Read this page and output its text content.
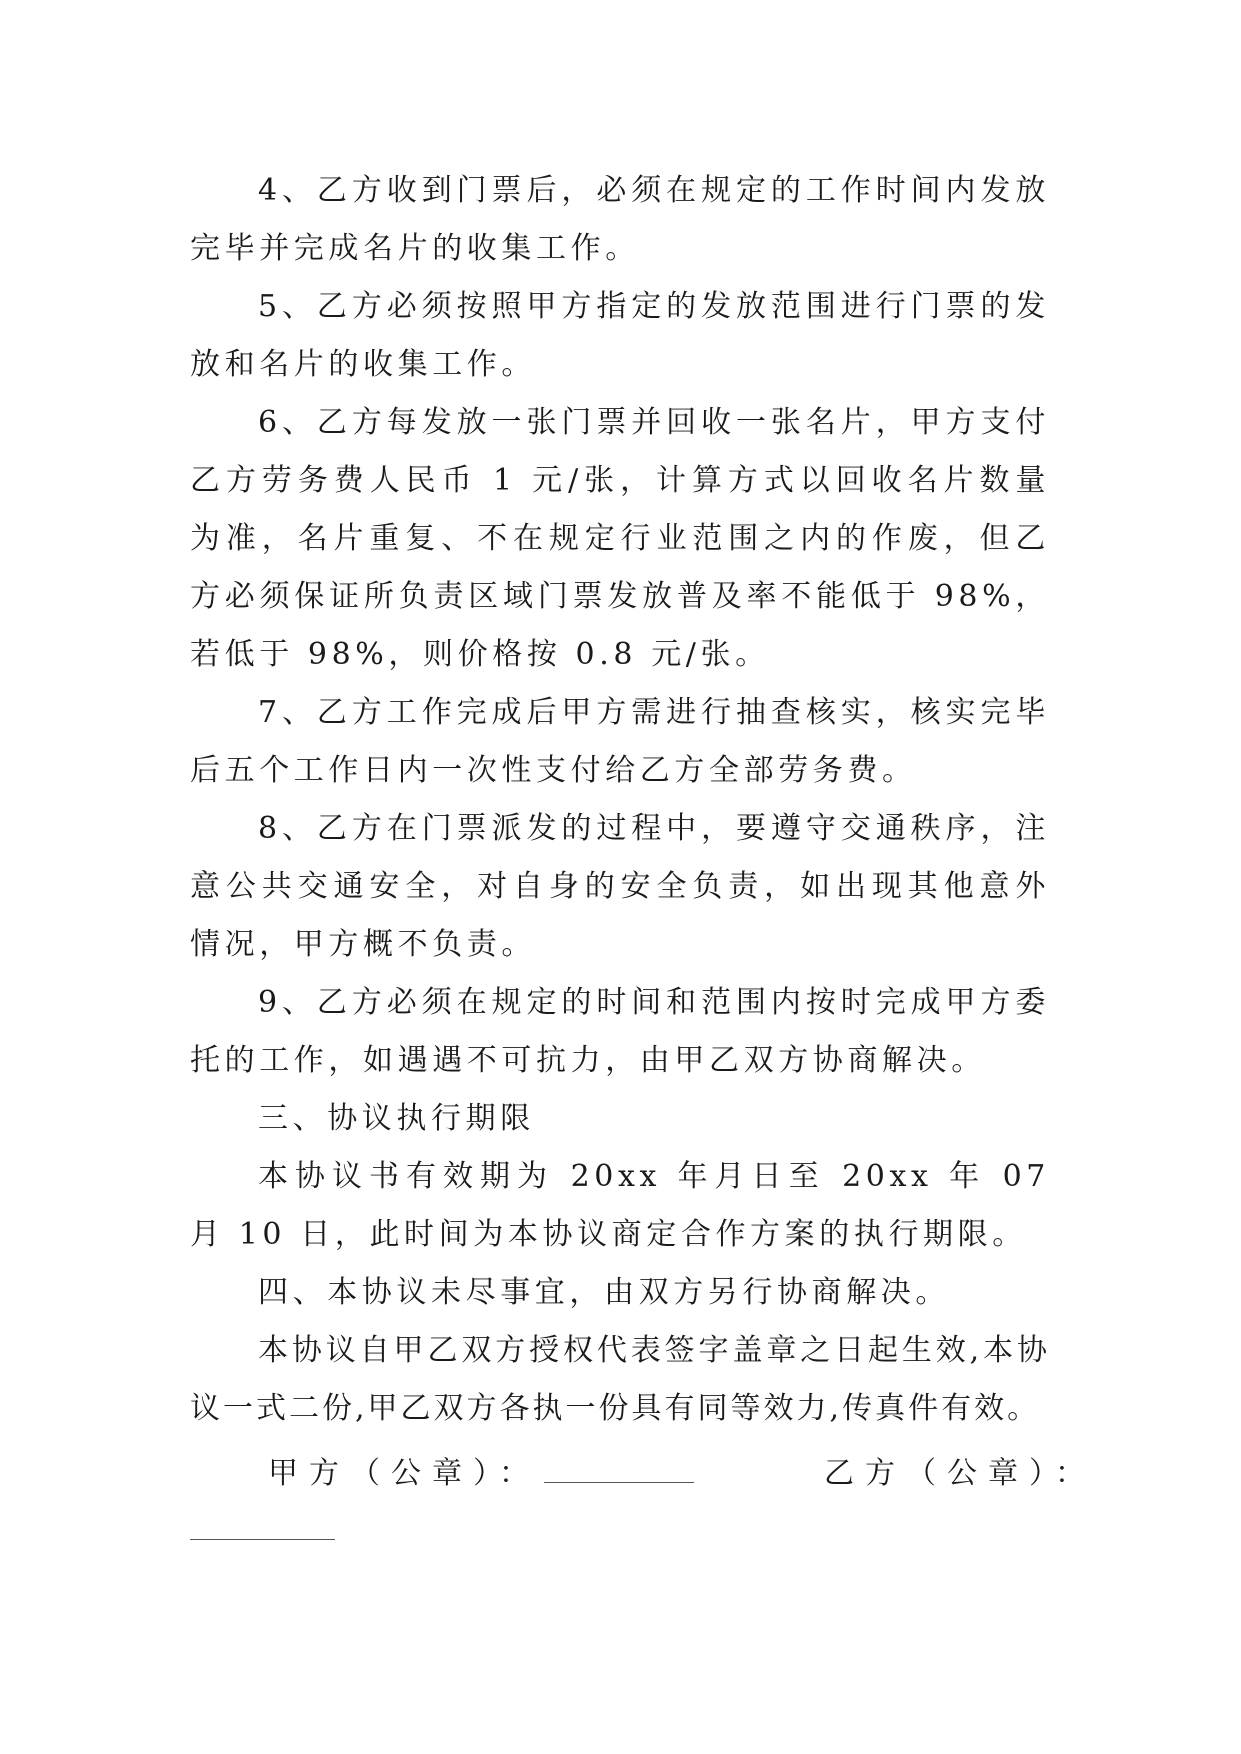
4、乙方收到门票后，必须在规定的工作时间内发放完毕并完成名片的收集工作。

5、乙方必须按照甲方指定的发放范围进行门票的发放和名片的收集工作。

6、乙方每发放一张门票并回收一张名片，甲方支付乙方劳务费人民币 1 元/张，计算方式以回收名片数量为准，名片重复、不在规定行业范围之内的作废，但乙方必须保证所负责区域门票发放普及率不能低于 98%，若低于 98%，则价格按 0.8 元/张。

7、乙方工作完成后甲方需进行抽查核实，核实完毕后五个工作日内一次性支付给乙方全部劳务费。

8、乙方在门票派发的过程中，要遵守交通秩序，注意公共交通安全，对自身的安全负责，如出现其他意外情况，甲方概不负责。

9、乙方必须在规定的时间和范围内按时完成甲方委托的工作，如遇遇不可抗力，由甲乙双方协商解决。

三、协议执行期限

本协议书有效期为 20xx 年月日至 20xx 年 07 月 10 日，此时间为本协议商定合作方案的执行期限。

四、本协议未尽事宜，由双方另行协商解决。

本协议自甲乙双方授权代表签字盖章之日起生效,本协议一式二份,甲乙双方各执一份具有同等效力,传真件有效。

甲方（公章）：	乙方（公章）：
